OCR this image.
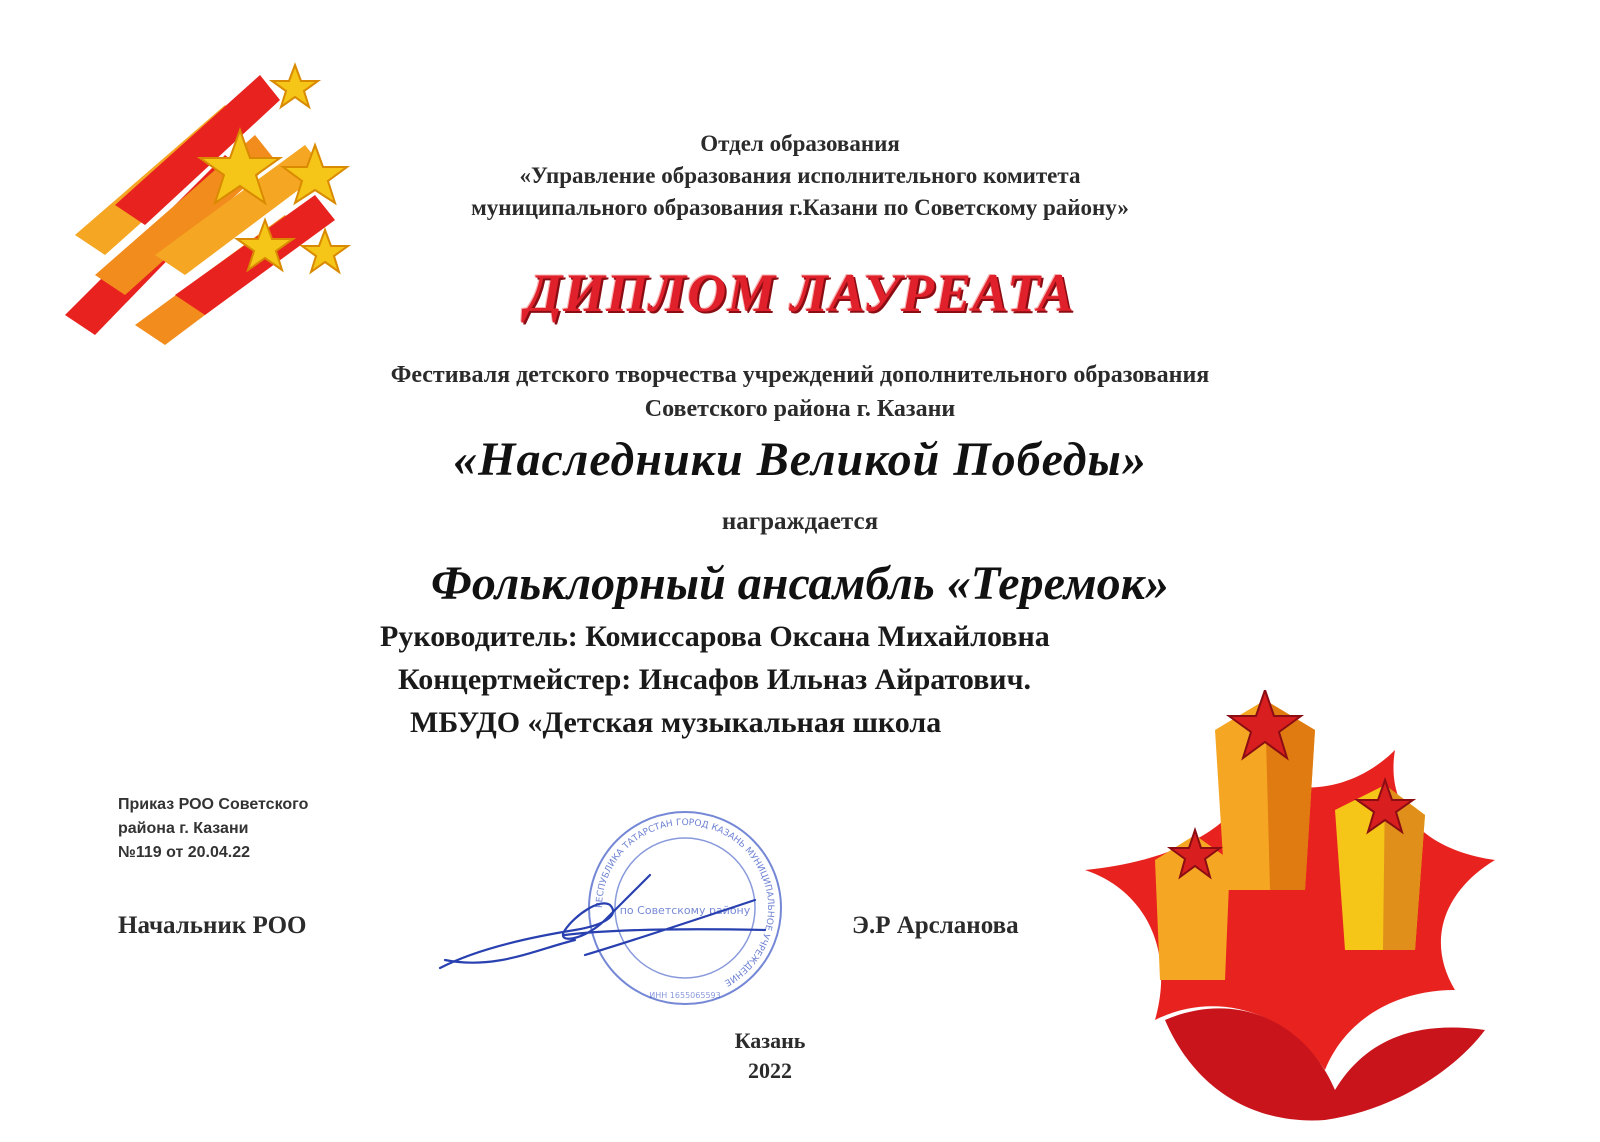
Отдел образования
«Управление образования исполнительного комитета
муниципального образования г.Казани по Советскому району»
ДИПЛОМ ЛАУРЕАТА
Фестиваля детского творчества учреждений дополнительного образования
Советского района г. Казани
«Наследники Великой Победы»
награждается
Фольклорный ансамбль «Теремок»
Руководитель: Комиссарова Оксана Михайловна
Концертмейстер: Инсафов Ильназ Айратович.
МБУДО «Детская музыкальная школа
Приказ РОО Советского
района г. Казани
№119 от 20.04.22
РЕСПУБЛИКА ТАТАРСТАН ГОРОД КАЗАНЬ МУНИЦИПАЛЬНОЕ УЧРЕЖДЕНИЕ
по Советскому району
ИНН 1655065593
Начальник РОО	Э.Р Арсланова
Казань
2022
